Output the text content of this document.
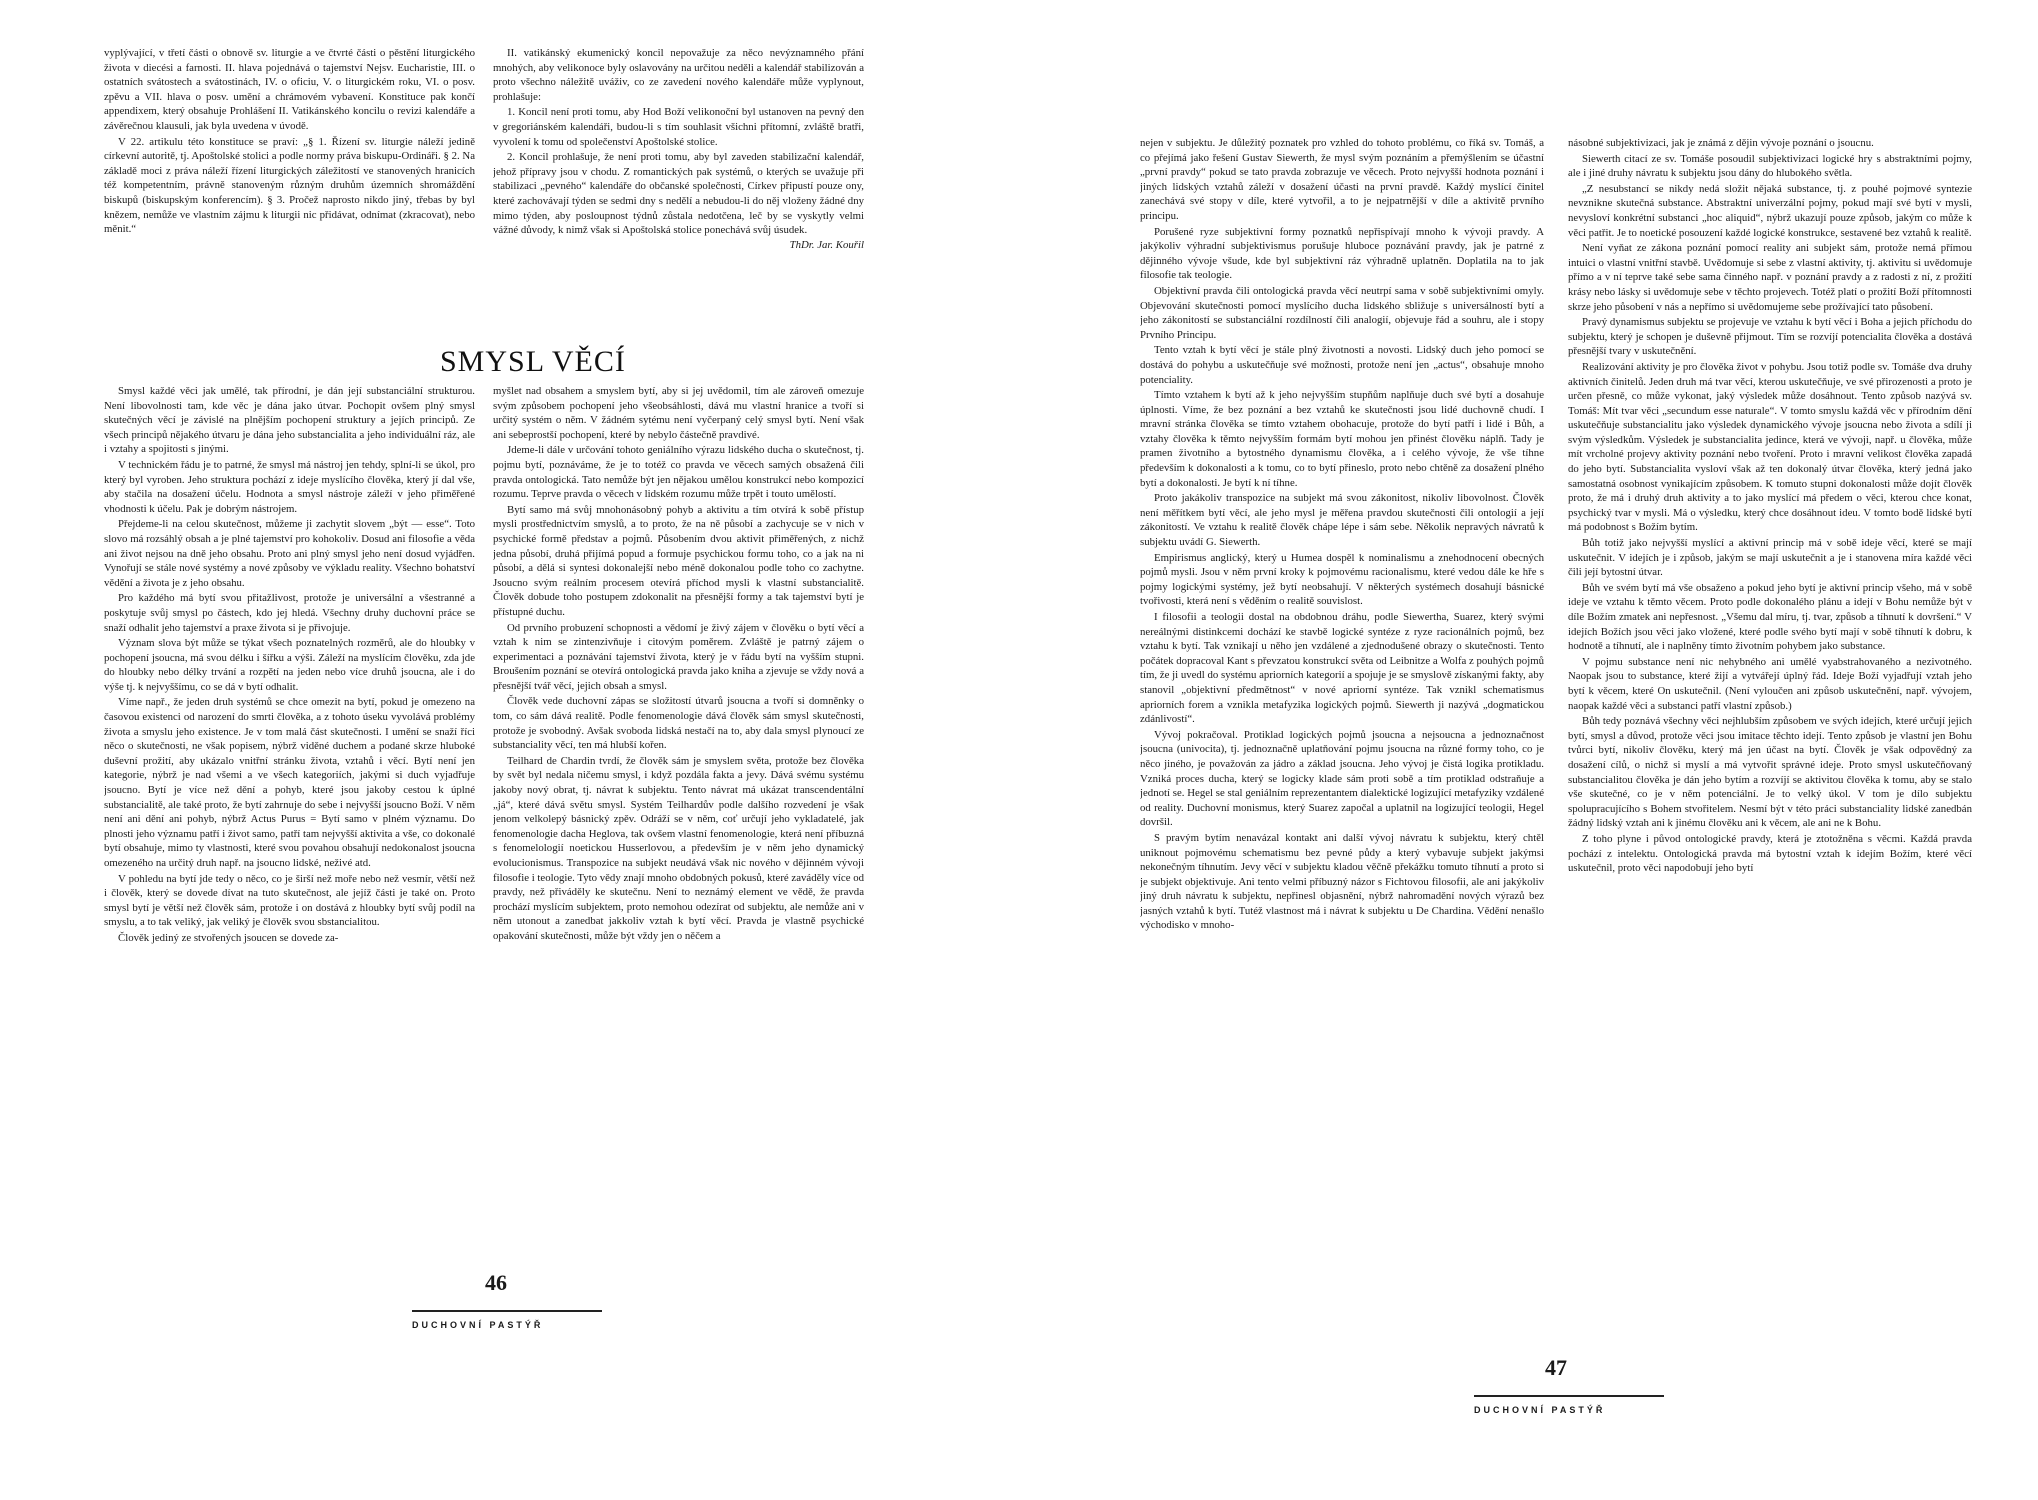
vyplývající, v třetí části o obnově sv. liturgie a ve čtvrté části o pěstění liturgického života v diecési a farnosti. II. hlava pojednává o tajemství Nejsv. Eucharistie, III. o ostatních svátostech a svátostinách, IV. o oficiu, V. o liturgickém roku, VI. o posv. zpěvu a VII. hlava o posv. umění a chrámovém vybavení. Konstituce pak končí appendixem, který obsahuje Prohlášení II. Vatikánského koncilu o revizi kalendáře a závěrečnou klausuli, jak byla uvedena v úvodě.

V 22. artikulu této konstituce se praví: „§ 1. Řízení sv. liturgie náleží jedině církevní autoritě, tj. Apoštolské stolici a podle normy práva biskupu-Ordináři. § 2. Na základě moci z práva náleží řízení liturgických záležitostí ve stanovených hranicích též kompetentním, právně stanoveným různým druhům územních shromáždění biskupů (biskupským konferencím). § 3. Pročež naprosto nikdo jiný, třebas by byl knězem, nemůže ve vlastním zájmu k liturgii nic přidávat, odnímat (zkracovat), nebo měnit.“

II. vatikánský ekumenický koncil nepovažuje za něco nevýznamného přání mnohých, aby velikonoce byly oslavovány na určitou neděli a kalendář stabilizován a proto všechno náležitě uváživ, co ze zavedení nového kalendáře může vyplynout, prohlašuje:

1. Koncil není proti tomu, aby Hod Boží velikonoční byl ustanoven na pevný den v gregoriánském kalendáři, budou-li s tím souhlasit všichni přítomní, zvláště bratři, vyvolení k tomu od společenství Apoštolské stolice.

2. Koncil prohlašuje, že není proti tomu, aby byl zaveden stabilizační kalendář, jehož přípravy jsou v chodu. Z romantických pak systémů, o kterých se uvažuje při stabilizaci „pevného“ kalendáře do občanské společnosti, Církev připustí pouze ony, které zachovávají týden se sedmi dny s nedělí a nebudou-li do něj vloženy žádné dny mimo týden, aby posloupnost týdnů zůstala nedotčena, leč by se vyskytly velmi vážné důvody, k nimž však si Apoštolská stolice ponechává svůj úsudek.

ThDr. Jar. Kouřil
SMYSL VĚCÍ

Smysl každé věci jak umělé, tak přírodní, je dán její substanciální strukturou. Není libovolnosti tam, kde věc je dána jako útvar. Pochopit ovšem plný smysl skutečných věcí je závislé na plnějším pochopení struktury a jejích principů. Ze všech principů nějakého útvaru je dána jeho substancialita a jeho individuální ráz, ale i vztahy a spojitosti s jinými.

V technickém řádu je to patrné, že smysl má nástroj jen tehdy, splní-li se úkol, pro který byl vyroben. Jeho struktura pochází z ideje myslícího člověka, který jí dal vše, aby stačila na dosažení účelu. Hodnota a smysl nástroje záleží v jeho přiměřené vhodnosti k účelu. Pak je dobrým nástrojem.

Přejdeme-li na celou skutečnost, můžeme ji zachytit slovem „být — esse“. Toto slovo má rozsáhlý obsah a je plné tajemství pro kohokoliv. Dosud ani filosofie a věda ani život nejsou na dně jeho obsahu. Proto ani plný smysl jeho není dosud vyjádřen. Vynořují se stále nové systémy a nové způsoby ve výkladu reality. Všechno bohatství vědění a života je z jeho obsahu.

Pro každého má bytí svou přitažlivost, protože je universální a všestranné a poskytuje svůj smysl po částech, kdo jej hledá. Všechny druhy duchovní práce se snaží odhalit jeho tajemství a praxe života si je přivojuje.

Význam slova být může se týkat všech poznatelných rozměrů, ale do hloubky v pochopení jsoucna, má svou délku i šířku a výši. Záleží na myslícím člověku, zda jde do hloubky nebo délky trvání a rozpětí na jeden nebo více druhů jsoucna, ale i do výše tj. k nejvyššímu, co se dá v bytí odhalit.

Víme např., že jeden druh systémů se chce omezit na bytí, pokud je omezeno na časovou existenci od narození do smrti člověka, a z tohoto úseku vyvolává problémy života a smyslu jeho existence. Je v tom malá část skutečnosti. I umění se snaží říci něco o skutečnosti, ne však popisem, nýbrž viděné duchem a podané skrze hluboké duševní prožití, aby ukázalo vnitřní stránku života, vztahů i věcí. Bytí není jen kategorie, nýbrž je nad všemi a ve všech kategoriích, jakými si duch vyjadřuje jsoucno. Bytí je více než dění a pohyb, které jsou jakoby cestou k úplné substancialitě, ale také proto, že bytí zahrnuje do sebe i nejvyšší jsoucno Boží. V něm není ani dění ani pohyb, nýbrž Actus Purus = Bytí samo v plném významu. Do plnosti jeho významu patří i život samo, patří tam nejvyšší aktivita a vše, co dokonalé bytí obsahuje, mimo ty vlastnosti, které svou povahou obsahují nedokonalost jsoucna omezeného na určitý druh např. na jsoucno lidské, neživé atd.

V pohledu na bytí jde tedy o něco, co je širší než moře nebo než vesmír, větší než i člověk, který se dovede dívat na tuto skutečnost, ale jejíž části je také on. Proto smysl bytí je větší než člověk sám, protože i on dostává z hloubky bytí svůj podíl na smyslu, a to tak veliký, jak veliký je člověk svou sbstancialitou.

Člověk jediný ze stvořených jsoucen se dovede za-

myšlet nad obsahem a smyslem bytí, aby si jej uvědomil, tím ale zároveň omezuje svým způsobem pochopení jeho všeobsáhlosti, dává mu vlastní hranice a tvoří si určitý systém o něm. V žádném sytému není vyčerpaný celý smysl bytí. Není však ani sebeprostší pochopení, které by nebylo částečně pravdivé.

Jdeme-li dále v určování tohoto geniálního výrazu lidského ducha o skutečnost, tj. pojmu bytí, poznáváme, že je to totéž co pravda ve věcech samých obsažená čili pravda ontologická. Tato nemůže být jen nějakou umělou konstrukcí nebo kompozicí rozumu. Teprve pravda o věcech v lidském rozumu může trpět i touto umělostí.

Bytí samo má svůj mnohonásobný pohyb a aktivitu a tím otvírá k sobě přístup mysli prostřednictvím smyslů, a to proto, že na ně působí a zachycuje se v nich v psychické formě představ a pojmů. Působením dvou aktivit přiměřených, z nichž jedna působí, druhá přijímá popud a formuje psychickou formu toho, co a jak na ni působí, a dělá si syntesi dokonalejší nebo méně dokonalou podle toho co zachytne. Jsoucno svým reálním procesem otevírá příchod mysli k vlastní substancialitě. Člověk dobude toho postupem zdokonalit na přesnější formy a tak tajemství bytí je přístupné duchu.

Od prvního probuzení schopnosti a vědomí je živý zájem v člověku o bytí věcí a vztah k nim se zintenzivňuje i citovým poměrem. Zvláště je patrný zájem o experimentaci a poznávání tajemství života, který je v řádu bytí na vyšším stupni. Broušením poznání se otevírá ontologická pravda jako kniha a zjevuje se vždy nová a přesnější tvář věcí, jejich obsah a smysl.

Člověk vede duchovní zápas se složitostí útvarů jsoucna a tvoří si domněnky o tom, co sám dává realitě. Podle fenomenologie dává člověk sám smysl skutečnosti, protože je svobodný. Avšak svoboda lidská nestačí na to, aby dala smysl plynoucí ze substanciality věcí, ten má hlubší kořen.

Teilhard de Chardin tvrdí, že člověk sám je smyslem světa, protože bez člověka by svět byl nedala ničemu smysl, i když pozdála fakta a jevy. Dává svému systému jakoby nový obrat, tj. návrat k subjektu. Tento návrat má ukázat transcendentální „já“, které dává světu smysl. Systém Teilhardův podle dalšího rozvedení je však jenom velkolepý básnický zpěv. Odráží se v něm, coť určují jeho vykladatelé, jak fenomenologie dacha Heglova, tak ovšem vlastní fenomenologie, která není příbuzná s fenomelologií noetickou Husserlovou, a především je v něm jeho dynamický evolucionismus. Transpozice na subjekt neudává však nic nového v dějinném vývoji filosofie i teologie. Tyto vědy znají mnoho obdobných pokusů, které zaváděly více od pravdy, než přiváděly ke skutečnu. Není to neznámý element ve vědě, že pravda prochází myslícím subjektem, proto nemohou odezírat od subjektu, ale nemůže ani v něm utonout a zanedbat jakkoliv vztah k bytí věcí. Pravda je vlastně psychické opakování skutečnosti, může být vždy jen o něčem a

46
DUCHOVNÍ PASTÝŘ

nejen v subjektu. Je důležitý poznatek pro vzhled do tohoto problému, co říká sv. Tomáš, a co přejímá jako řešení Gustav Siewerth, že mysl svým poznáním a přemýšlením se účastní „první pravdy“ pokud se tato pravda zobrazuje ve věcech. Proto nejvyšší hodnota poznání i jiných lidských vztahů záleží v dosažení účasti na první pravdě. Každý myslící činitel zanechává své stopy v díle, které vytvořil, a to je nejpatrnější v díle a aktivitě prvního principu.

Porušené ryze subjektivní formy poznatků nepřispívají mnoho k vývoji pravdy. A jakýkoliv výhradní subjektivismus porušuje hluboce poznávání pravdy, jak je patrné z dějinného vývoje všude, kde byl subjektivní ráz výhradně uplatněn. Doplatila na to jak filosofie tak teologie.

Objektivní pravda čili ontologická pravda věcí neutrpí sama v sobě subjektivními omyly. Objevování skutečnosti pomocí myslícího ducha lidského sbližuje s universálností bytí a jeho zákonitostí se substanciální rozdílností čili analogií, objevuje řád a souhru, ale i stopy Prvního Principu.

Tento vztah k bytí věcí je stále plný životnosti a novosti. Lidský duch jeho pomocí se dostává do pohybu a uskutečňuje své možnosti, protože není jen „actus“, obsahuje mnoho potenciality.

Tímto vztahem k bytí až k jeho nejvyšším stupňům naplňuje duch své bytí a dosahuje úplnosti. Víme, že bez poznání a bez vztahů ke skutečnosti jsou lidé duchovně chudí. I mravní stránka člověka se tímto vztahem obohacuje, protože do bytí patří i lidé i Bůh, a vztahy člověka k těmto nejvyšším formám bytí mohou jen přinést člověku náplň. Tady je pramen životního a bytostného dynamismu člověka, a i celého vývoje, že vše tíhne především k dokonalosti a k tomu, co to bytí přineslo, proto nebo chtěně za dosažení plného bytí a dokonalosti. Je bytí k ní tíhne.

Proto jakákoliv transpozice na subjekt má svou zákonitost, nikoliv libovolnost. Člověk není měřítkem bytí věcí, ale jeho mysl je měřena pravdou skutečnosti čili ontologií a její zákonitostí. Ve vztahu k realitě člověk chápe lépe i sám sebe. Několik nepravých návratů k subjektu uvádí G. Siewerth.

Empirismus anglický, který u Humea dospěl k nominalismu a znehodnocení obecných pojmů mysli. Jsou v něm první kroky k pojmovému racionalismu, které vedou dále ke hře s pojmy logickými systémy, jež bytí neobsahují. V některých systémech dosahují básnické tvořivosti, která není s věděním o realitě souvislost.

I filosofii a teologii dostal na obdobnou dráhu, podle Siewertha, Suarez, který svými nereálnými distinkcemi dochází ke stavbě logické syntéze z ryze racionálních pojmů, bez vztahu k bytí. Tak vznikají u něho jen vzdálené a zjednodušené obrazy o skutečnosti. Tento počátek dopracoval Kant s převzatou konstrukcí světa od Leibnitze a Wolfa z pouhých pojmů tím, že ji uvedl do systému apriorních kategorií a spojuje je se smyslově získanými fakty, aby stanovil „objektivní předmětnost“ v nové apriorní syntéze. Tak vznikl schematismus apriorních forem a vznikla metafyzika logických pojmů. Siewerth ji nazývá „dogmatickou zdánlivostí“.

Vývoj pokračoval. Protiklad logických pojmů jsoucna a nejsoucna a jednoznačnost jsoucna (univocita), tj. jednoznačně uplatňování pojmu jsoucna na různé formy toho, co je něco jiného, je považován za jádro a základ jsoucna. Jeho vývoj je čistá logika protikladu. Vzniká proces ducha, který se logicky klade sám proti sobě a tím protiklad odstraňuje a jednotí se. Hegel se stal geniálním reprezentantem dialektické logizující metafyziky vzdálené od reality. Duchovní monismus, který Suarez započal a uplatnil na logizující teologii, Hegel dovršil.

S pravým bytím nenavázal kontakt ani další vývoj návratu k subjektu, který chtěl uniknout pojmovému schematismu bez pevné půdy a který vybavuje subjekt jakýmsi nekonečným tíhnutím. Jevy věcí v subjektu kladou věčně překážku tomuto tíhnutí a proto si je subjekt objektivuje. Ani tento velmi příbuzný názor s Fichtovou filosofii, ale ani jakýkoliv jiný druh návratu k subjektu, nepřinesl objasnění, nýbrž nahromadění nových výrazů bez jasných vztahů k bytí. Tutéž vlastnost má i návrat k subjektu u De Chardina. Vědění nenašlo východisko v mnoho-

násobné subjektivizaci, jak je známá z dějin vývoje poznání o jsoucnu.

Siewerth citací ze sv. Tomáše posoudil subjektivizaci logické hry s abstraktními pojmy, ale i jiné druhy návratu k subjektu jsou dány do hlubokého světla.

„Z nesubstancí se nikdy nedá složit nějaká substance, tj. z pouhé pojmové syntezie nevznikne skutečná substance. Abstraktní univerzální pojmy, pokud mají své bytí v mysli, nevysloví konkrétní substanci „hoc aliquid“, nýbrž ukazují pouze způsob, jakým co může k věci patřit. Je to noetické posouzení každé logické konstrukce, sestavené bez vztahů k realitě.

Není vyňat ze zákona poznání pomocí reality ani subjekt sám, protože nemá přímou intuici o vlastní vnitřní stavbě. Uvědomuje si sebe z vlastní aktivity, tj. aktivitu si uvědomuje přímo a v ní teprve také sebe sama činného např. v poznání pravdy a z radosti z ní, z prožití krásy nebo lásky si uvědomuje sebe v těchto projevech. Totéž platí o prožití Boží přítomnosti skrze jeho působení v nás a nepřímo si uvědomujeme sebe prožívající tato působení.

Pravý dynamismus subjektu se projevuje ve vztahu k bytí věcí i Boha a jejich příchodu do subjektu, který je schopen je duševně přijmout. Tím se rozvíjí potencialita člověka a dostává přesnější tvary v uskutečnění.

Realizování aktivity je pro člověka život v pohybu. Jsou totiž podle sv. Tomáše dva druhy aktivních činitelů. Jeden druh má tvar věcí, kterou uskutečňuje, ve své přirozenosti a proto je určen přesně, co může vykonat, jaký výsledek může dosáhnout. Tento způsob nazývá sv. Tomáš: Mít tvar věci „secundum esse naturale“. V tomto smyslu každá věc v přírodním dění uskutečňuje substancialitu jako výsledek dynamického vývoje jsoucna nebo života a sdílí ji svým výsledkům. Výsledek je substancialita jedince, která ve vývoji, např. u člověka, může mít vrcholné projevy aktivity poznání nebo tvoření. Proto i mravní velikost člověka zapadá do jeho bytí. Substancialita vysloví však až ten dokonalý útvar člověka, který jedná jako samostatná osobnost vynikajícím způsobem. K tomuto stupni dokonalosti může dojít člověk proto, že má i druhý druh aktivity a to jako myslící má předem o věci, kterou chce konat, psychický tvar v mysli. Má o výsledku, který chce dosáhnout ideu. V tomto bodě lidské bytí má podobnost s Božím bytím.

Bůh totiž jako nejvyšší myslící a aktivní princip má v sobě ideje věcí, které se mají uskutečnit. V idejích je i způsob, jakým se mají uskutečnit a je i stanovena míra každé věci čili její bytostní útvar.

Bůh ve svém bytí má vše obsaženo a pokud jeho bytí je aktivní princip všeho, má v sobě ideje ve vztahu k těmto věcem. Proto podle dokonalého plánu a idejí v Bohu nemůže být v díle Božím zmatek ani nepřesnost. „Všemu dal míru, tj. tvar, způsob a tíhnutí k dovršení.“ V idejích Božích jsou věci jako vložené, které podle svého bytí mají v sobě tíhnutí k dobru, k hodnotě a tíhnutí, ale i naplněny tímto životním pohybem jako substance.

V pojmu substance není nic nehybného ani umělé vyabstrahovaného a nezivotného. Naopak jsou to substance, které žijí a vytvářejí úplný řád. Ideje Boží vyjadřují vztah jeho bytí k věcem, které On uskutečnil. (Není vyloučen ani způsob uskutečnění, např. vývojem, naopak každé věci a substanci patří vlastní způsob.)

Bůh tedy poznává všechny věci nejhlubším způsobem ve svých idejích, které určují jejich bytí, smysl a důvod, protože věci jsou imitace těchto idejí. Tento způsob je vlastní jen Bohu tvůrci bytí, nikoliv člověku, který má jen účast na bytí. Člověk je však odpovědný za dosažení cílů, o nichž si myslí a má vytvořit správné ideje. Proto smysl uskutečňovaný substancialitou člověka je dán jeho bytím a rozvíjí se aktivitou člověka k tomu, aby se stalo vše skutečné, co je v něm potenciální. Je to velký úkol. V tom je dílo subjektu spolupracujícího s Bohem stvořitelem. Nesmí být v této práci substanciality lidské zanedbán žádný lidský vztah ani k jinému člověku ani k věcem, ale ani ne k Bohu.

Z toho plyne i původ ontologické pravdy, která je ztotožněna s věcmi. Každá pravda pochází z intelektu. Ontologická pravda má bytostní vztah k idejím Božím, které věcí uskutečnil, proto věci napodobují jeho bytí

47
DUCHOVNÍ PASTÝŘ
